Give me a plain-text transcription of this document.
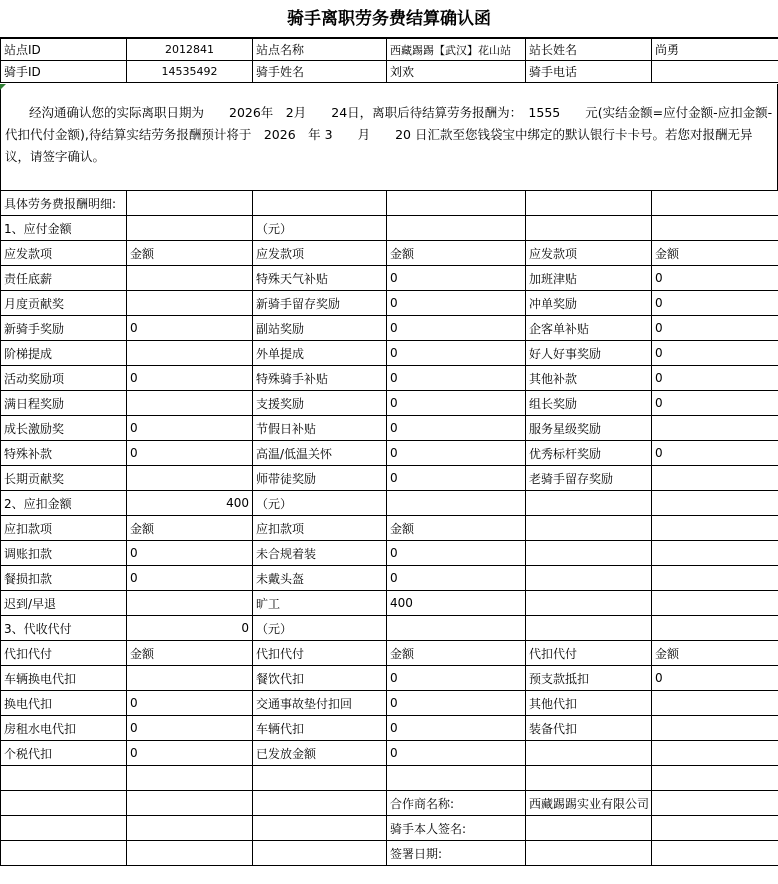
骑手离职劳务费结算确认函
站点ID	2012841	站点名称	西藏踢踢【武汉】花山站	站长姓名	尚勇
骑手ID	14535492	骑手姓名	刘欢	骑手电话	
经沟通确认您的实际离职日期为　　2026年　2月　　24日，离职后待结算劳务报酬为：　1555　　元(实结金额=应付金额-应扣金额-代扣代付金额),待结算实结劳务报酬预计将于　2026　年 3　　月　　20 日汇款至您钱袋宝中绑定的默认银行卡卡号。若您对报酬无异议，请签字确认。
具体劳务费报酬明细:					
1、应付金额		（元）			
应发款项	金额	应发款项	金额	应发款项	金额
责任底薪		特殊天气补贴	0	加班津贴	0
月度贡献奖		新骑手留存奖励	0	冲单奖励	0
新骑手奖励	0	副站奖励	0	企客单补贴	0
阶梯提成		外单提成	0	好人好事奖励	0
活动奖励项	0	特殊骑手补贴	0	其他补款	0
满日程奖励		支援奖励	0	组长奖励	0
成长激励奖	0	节假日补贴	0	服务星级奖励	
特殊补款	0	高温/低温关怀	0	优秀标杆奖励	0
长期贡献奖		师带徒奖励	0	老骑手留存奖励	
2、应扣金额	400	（元）			
应扣款项	金额	应扣款项	金额		
调账扣款	0	未合规着装	0		
餐损扣款	0	未戴头盔	0		
迟到/早退		旷工	400		
3、代收代付	0	（元）			
代扣代付	金额	代扣代付	金额	代扣代付	金额
车辆换电代扣		餐饮代扣	0	预支款抵扣	0
换电代扣	0	交通事故垫付扣回	0	其他代扣	
房租水电代扣	0	车辆代扣	0	装备代扣	
个税代扣	0	已发放金额	0		

			合作商名称:	西藏踢踢实业有限公司	
			骑手本人签名:		
			签署日期:		
